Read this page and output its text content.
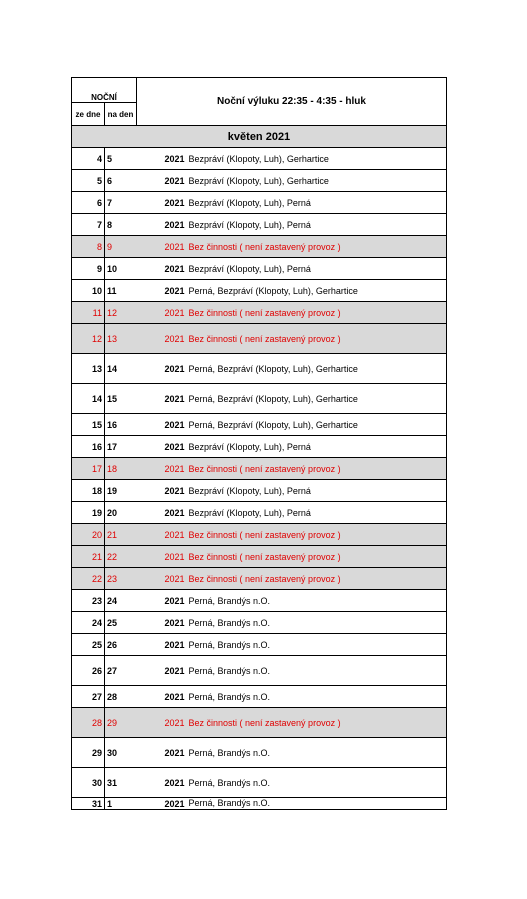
NOČNÍ		Noční výluku 22:35 - 4:35 - hluk	
ze dne	na den		
květen 2021			
4	5	2021	Bezpráví (Klopoty, Luh), Gerhartice
5	6	2021	Bezpráví (Klopoty, Luh), Gerhartice
6	7	2021	Bezpráví (Klopoty, Luh), Perná
7	8	2021	Bezpráví (Klopoty, Luh), Perná
8	9	2021	Bez činnosti ( není zastavený provoz )
9	10	2021	Bezpráví (Klopoty, Luh), Perná
10	11	2021	Perná, Bezpráví (Klopoty, Luh), Gerhartice
11	12	2021	Bez činnosti ( není zastavený provoz )
12	13	2021	Bez činnosti ( není zastavený provoz )
13	14	2021	Perná, Bezpráví (Klopoty, Luh), Gerhartice
14	15	2021	Perná, Bezpráví (Klopoty, Luh), Gerhartice
15	16	2021	Perná, Bezpráví (Klopoty, Luh), Gerhartice
16	17	2021	Bezpráví (Klopoty, Luh), Perná
17	18	2021	Bez činnosti ( není zastavený provoz )
18	19	2021	Bezpráví (Klopoty, Luh), Perná
19	20	2021	Bezpráví (Klopoty, Luh), Perná
20	21	2021	Bez činnosti ( není zastavený provoz )
21	22	2021	Bez činnosti ( není zastavený provoz )
22	23	2021	Bez činnosti ( není zastavený provoz )
23	24	2021	Perná, Brandýs n.O.
24	25	2021	Perná, Brandýs n.O.
25	26	2021	Perná, Brandýs n.O.
26	27	2021	Perná, Brandýs n.O.
27	28	2021	Perná, Brandýs n.O.
28	29	2021	Bez činnosti ( není zastavený provoz )
29	30	2021	Perná, Brandýs n.O.
30	31	2021	Perná, Brandýs n.O.
31	1	2021	Perná, Brandýs n.O.
